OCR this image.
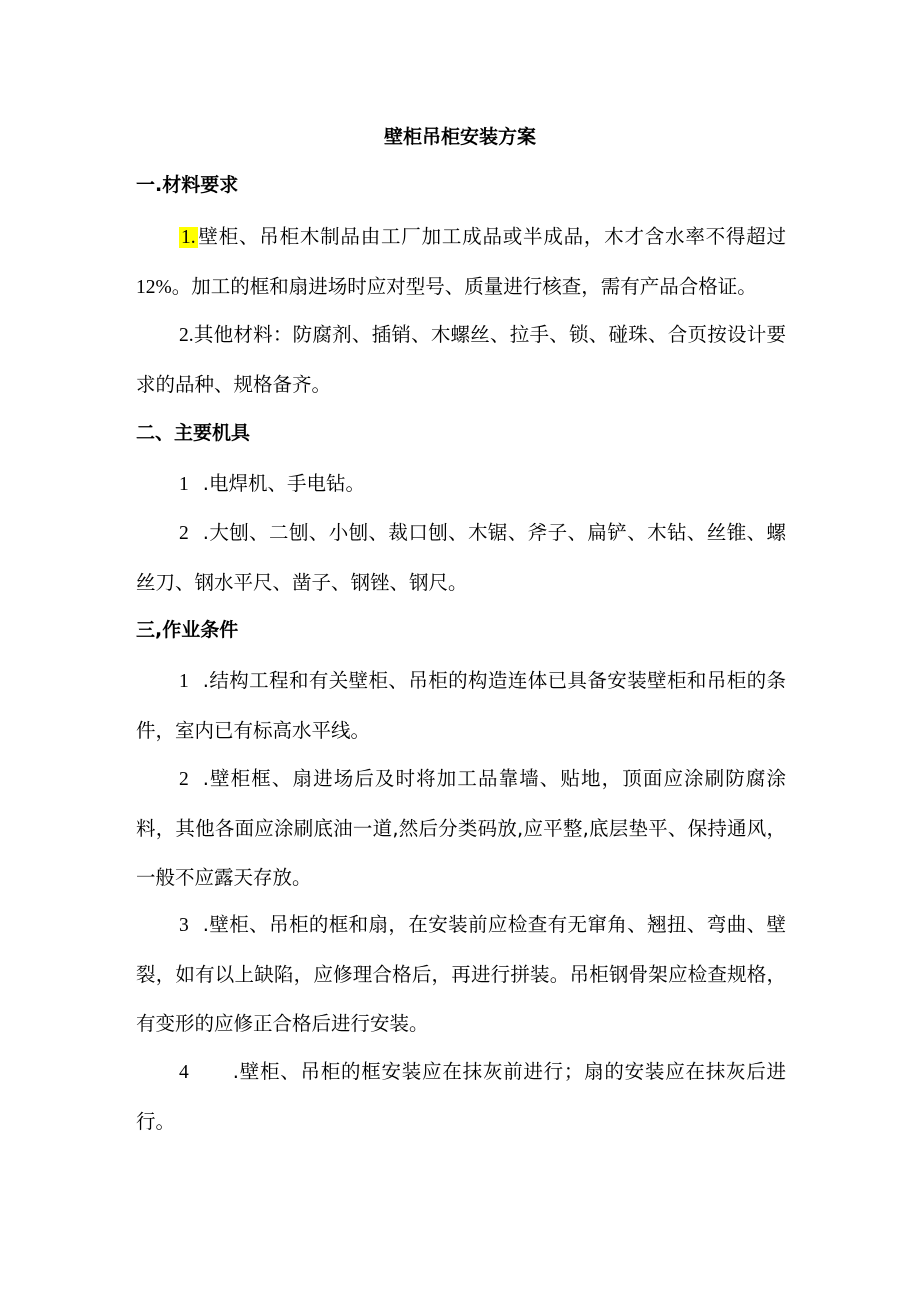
壁柜吊柜安装方案
一.材料要求

1. 壁柜、吊柜木制品由工厂加工成品或半成品，木才含水率不得超过12%。加工的框和扇进场时应对型号、质量进行核查，需有产品合格证。

2.其他材料：防腐剂、插销、木螺丝、拉手、锁、碰珠、合页按设计要求的品种、规格备齐。

二、主要机具

1 .电焊机、手电钻。

2 .大刨、二刨、小刨、裁口刨、木锯、斧子、扁铲、木钻、丝锥、螺丝刀、钢水平尺、凿子、钢锉、钢尺。

三,作业条件

1 .结构工程和有关壁柜、吊柜的构造连体已具备安装壁柜和吊柜的条件，室内已有标高水平线。

2 .壁柜框、扇进场后及时将加工品靠墙、贴地，顶面应涂刷防腐涂料，其他各面应涂刷底油一道,然后分类码放,应平整,底层垫平、保持通风，一般不应露天存放。

3 .壁柜、吊柜的框和扇，在安装前应检查有无窜角、翘扭、弯曲、壁裂，如有以上缺陷，应修理合格后，再进行拼装。吊柜钢骨架应检查规格，有变形的应修正合格后进行安装。

4 .壁柜、吊柜的框安装应在抹灰前进行；扇的安装应在抹灰后进行。
